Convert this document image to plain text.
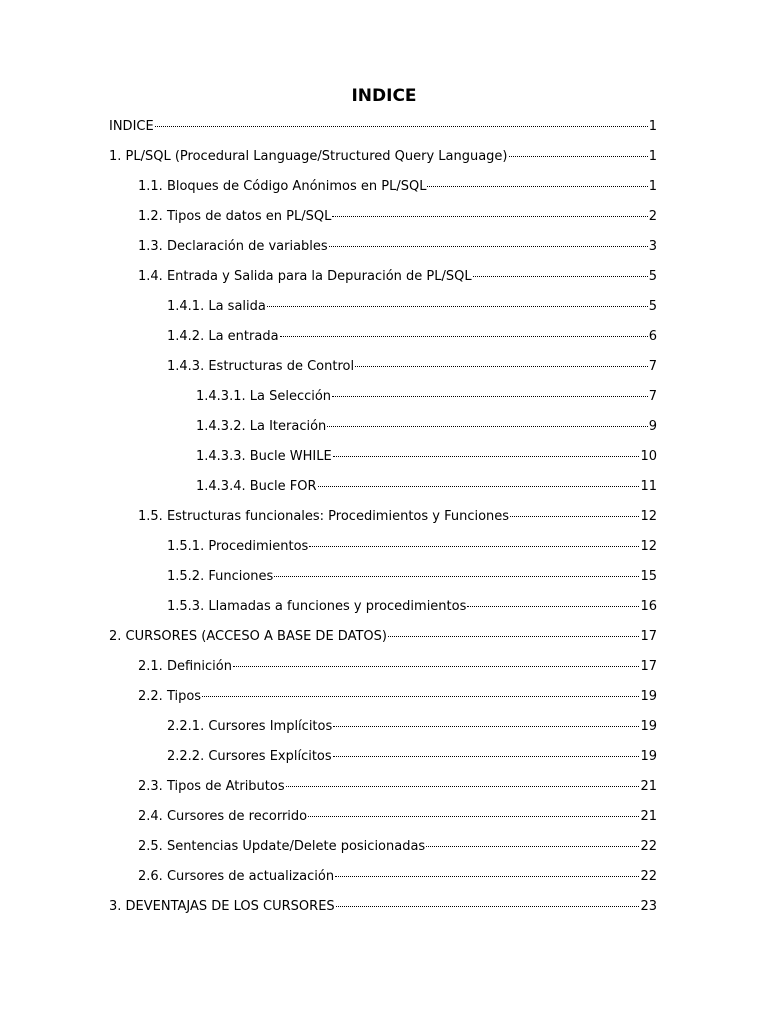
INDICE
INDICE	1
1. PL/SQL (Procedural Language/Structured Query Language)	1
1.1. Bloques de Código Anónimos en PL/SQL	1
1.2. Tipos de datos en PL/SQL	2
1.3. Declaración de variables	3
1.4. Entrada y Salida para la Depuración de PL/SQL	5
1.4.1. La salida	5
1.4.2. La entrada	6
1.4.3. Estructuras de Control	7
1.4.3.1. La Selección	7
1.4.3.2. La Iteración	9
1.4.3.3. Bucle WHILE	10
1.4.3.4. Bucle FOR	11
1.5. Estructuras funcionales: Procedimientos y Funciones	12
1.5.1. Procedimientos	12
1.5.2. Funciones	15
1.5.3. Llamadas a funciones y procedimientos	16
2. CURSORES (ACCESO A BASE DE DATOS)	17
2.1. Definición	17
2.2. Tipos	19
2.2.1. Cursores Implícitos	19
2.2.2. Cursores Explícitos	19
2.3. Tipos de Atributos	21
2.4. Cursores de recorrido	21
2.5. Sentencias Update/Delete posicionadas	22
2.6. Cursores de actualización	22
3. DEVENTAJAS DE LOS CURSORES	23
